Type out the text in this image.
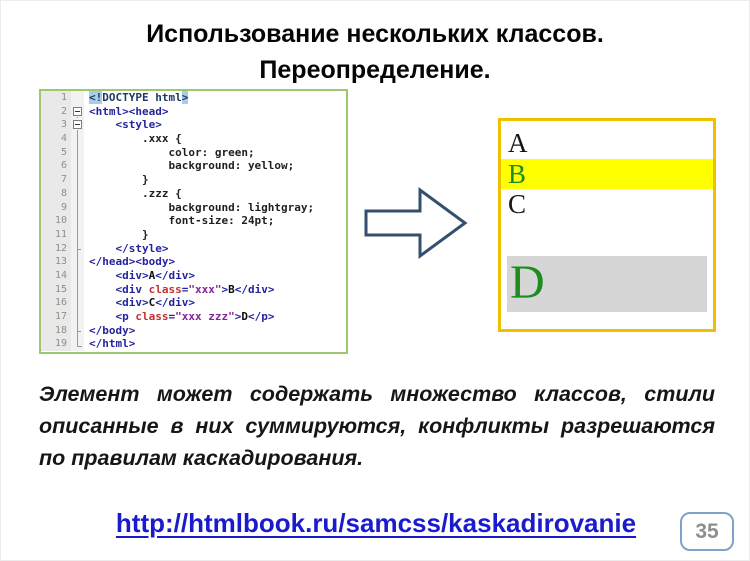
Использование нескольких классов.
Переопределение.
1	<!DOCTYPE html>
2	<html><head>
3	<style>
4	.xxx {
5	color: green;
6	background: yellow;
7	}
8	.zzz {
9	background: lightgray;
10	font-size: 24pt;
11	}
12	</style>
13	</head><body>
14	<div>A</div>
15	<div class="xxx">B</div>
16	<div>C</div>
17	<p class="xxx zzz">D</p>
18	</body>
19	</html>
A
B
C
D
Элемент может содержать множество классов, стили описанные в них суммируются, конфликты разрешаются по правилам каскадирования.
http://htmlbook.ru/samcss/kaskadirovanie	35
